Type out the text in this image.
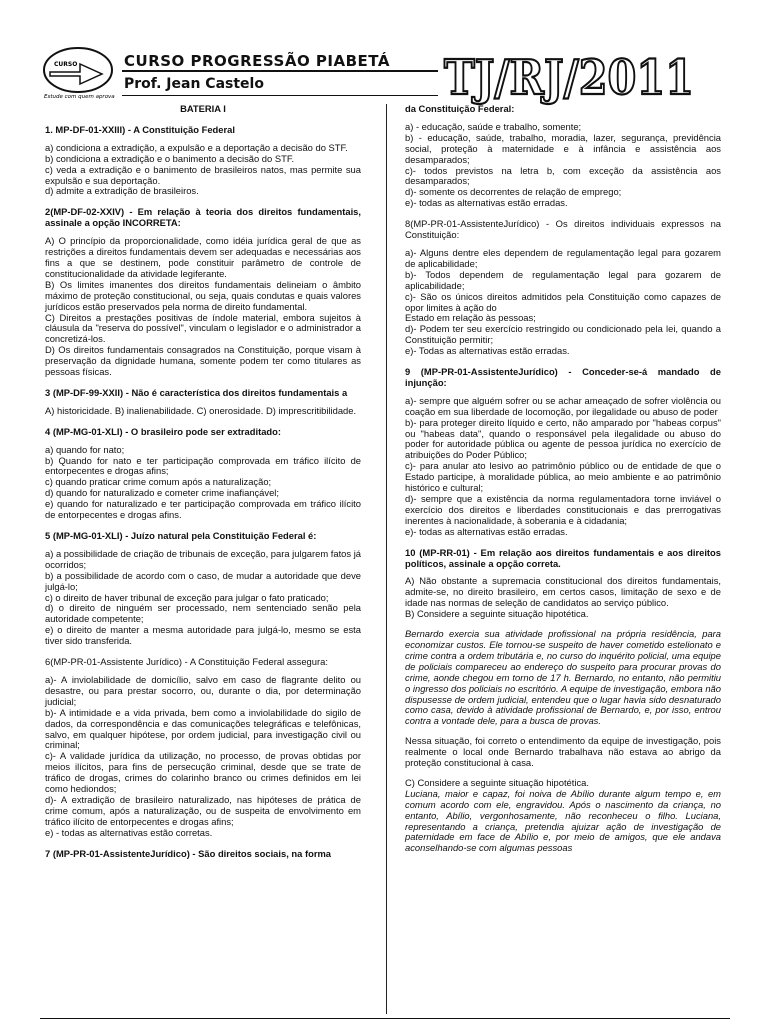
CURSO
Estude com quem aprova
CURSO PROGRESSÃO PIABETÁ
Prof. Jean Castelo	TJ/RJ/2011
BATERIA I
1. MP-DF-01-XXIII) - A Constituição Federal

a) condiciona a extradição, a expulsão e a deportação a decisão do STF.

b) condiciona a extradição e o banimento a decisão do STF.

c) veda a extradição e o banimento de brasileiros natos, mas permite sua expulsão e sua deportação.

d) admite a extradição de brasileiros.

2(MP-DF-02-XXIV) - Em relação à teoria dos direitos fundamentais, assinale a opção INCORRETA:

A) O princípio da proporcionalidade, como idéia jurídica geral de que as restrições a direitos fundamentais devem ser adequadas e necessárias aos fins a que se destinem, pode constituir parâmetro de controle de constitucionalidade da atividade legiferante.

B) Os limites imanentes dos direitos fundamentais delineiam o âmbito máximo de proteção constitucional, ou seja, quais condutas e quais valores jurídicos estão preservados pela norma de direito fundamental.

C) Direitos a prestações positivas de índole material, embora sujeitos à cláusula da "reserva do possível", vinculam o legislador e o administrador a concretizá-los.

D) Os direitos fundamentais consagrados na Constituição, porque visam à preservação da dignidade humana, somente podem ter como titulares as pessoas físicas.

3 (MP-DF-99-XXII) - Não é característica dos direitos fundamentais a

A) historicidade. B) inalienabilidade. C) onerosidade. D) imprescritibilidade.

4 (MP-MG-01-XLI) - O brasileiro pode ser extraditado:

a) quando for nato;

b) Quando for nato e ter participação comprovada em tráfico ilícito de entorpecentes e drogas afins;

c) quando praticar crime comum após a naturalização;

d) quando for naturalizado e cometer crime inafiançável;

e) quando for naturalizado e ter participação comprovada em tráfico ilícito de entorpecentes e drogas afins.

5 (MP-MG-01-XLI) - Juízo natural pela Constituição Federal é:

a) a possibilidade de criação de tribunais de exceção, para julgarem fatos já ocorridos;

b) a possibilidade de acordo com o caso, de mudar a autoridade que deve julgá-lo;

c) o direito de haver tribunal de exceção para julgar o fato praticado;

d) o direito de ninguém ser processado, nem sentenciado senão pela autoridade competente;

e) o direito de manter a mesma autoridade para julgá-lo, mesmo se esta tiver sido transferida.

6(MP-PR-01-Assistente Jurídico) - A Constituição Federal assegura:

a)- A inviolabilidade de domicílio, salvo em caso de flagrante delito ou desastre, ou para prestar socorro, ou, durante o dia, por determinação judicial;

b)- A intimidade e a vida privada, bem como a inviolabilidade do sigilo de dados, da correspondência e das comunicações telegráficas e telefônicas, salvo, em qualquer hipótese, por ordem judicial, para investigação civil ou criminal;

c)- A validade jurídica da utilização, no processo, de provas obtidas por meios ilícitos, para fins de persecução criminal, desde que se trate de tráfico de drogas, crimes do colarinho branco ou crimes definidos em lei como hediondos;

d)- A extradição de brasileiro naturalizado, nas hipóteses de prática de crime comum, após a naturalização, ou de suspeita de envolvimento em tráfico ilícito de entorpecentes e drogas afins;

e) - todas as alternativas estão corretas.

7 (MP-PR-01-AssistenteJurídico) - São direitos sociais, na forma
da Constituição Federal:

a) - educação, saúde e trabalho, somente;

b) - educação, saúde, trabalho, moradia, lazer, segurança, previdência social, proteção à maternidade e à infância e assistência aos desamparados;

c)- todos previstos na letra b, com exceção da assistência aos desamparados;

d)- somente os decorrentes de relação de emprego;

e)- todas as alternativas estão erradas.

8(MP-PR-01-AssistenteJurídico) - Os direitos individuais expressos na Constituição:

a)- Alguns dentre eles dependem de regulamentação legal para gozarem de aplicabilidade;

b)- Todos dependem de regulamentação legal para gozarem de aplicabilidade;

c)- São os únicos direitos admitidos pela Constituição como capazes de opor limites à ação do

Estado em relação às pessoas;

d)- Podem ter seu exercício restringido ou condicionado pela lei, quando a Constituição permitir;

e)- Todas as alternativas estão erradas.

9 (MP-PR-01-AssistenteJurídico) - Conceder-se-á mandado de injunção:

a)- sempre que alguém sofrer ou se achar ameaçado de sofrer violência ou coação em sua liberdade de locomoção, por ilegalidade ou abuso de poder

b)- para proteger direito líquido e certo, não amparado por "habeas corpus" ou "habeas data", quando o responsável pela ilegalidade ou abuso do poder for autoridade pública ou agente de pessoa jurídica no exercício de atribuições do Poder Público;

c)- para anular ato lesivo ao patrimônio público ou de entidade de que o Estado participe, à moralidade pública, ao meio ambiente e ao patrimônio histórico e cultural;

d)- sempre que a existência da norma regulamentadora torne inviável o exercício dos direitos e liberdades constitucionais e das prerrogativas inerentes à nacionalidade, à soberania e à cidadania;

e)- todas as alternativas estão erradas.

10 (MP-RR-01) - Em relação aos direitos fundamentais e aos direitos políticos, assinale a opção correta.

A) Não obstante a supremacia constitucional dos direitos fundamentais, admite-se, no direito brasileiro, em certos casos, limitação de sexo e de idade nas normas de seleção de candidatos ao serviço público.

B) Considere a seguinte situação hipotética.

Bernardo exercia sua atividade profissional na própria residência, para economizar custos. Ele tornou-se suspeito de haver cometido estelionato e crime contra a ordem tributária e, no curso do inquérito policial, uma equipe de policiais compareceu ao endereço do suspeito para procurar provas do crime, aonde chegou em torno de 17 h. Bernardo, no entanto, não permitiu o ingresso dos policiais no escritório. A equipe de investigação, embora não dispusesse de ordem judicial, entendeu que o lugar havia sido desnaturado como casa, devido à atividade profissional de Bernardo, e, por isso, entrou contra a vontade dele, para a busca de provas.

Nessa situação, foi correto o entendimento da equipe de investigação, pois realmente o local onde Bernardo trabalhava não estava ao abrigo da proteção constitucional à casa.

C) Considere a seguinte situação hipotética.

Luciana, maior e capaz, foi noiva de Abílio durante algum tempo e, em comum acordo com ele, engravidou. Após o nascimento da criança, no entanto, Abílio, vergonhosamente, não reconheceu o filho. Luciana, representando a criança, pretendia ajuizar ação de investigação de paternidade em face de Abílio e, por meio de amigos, que ele andava aconselhando-se com algumas pessoas
